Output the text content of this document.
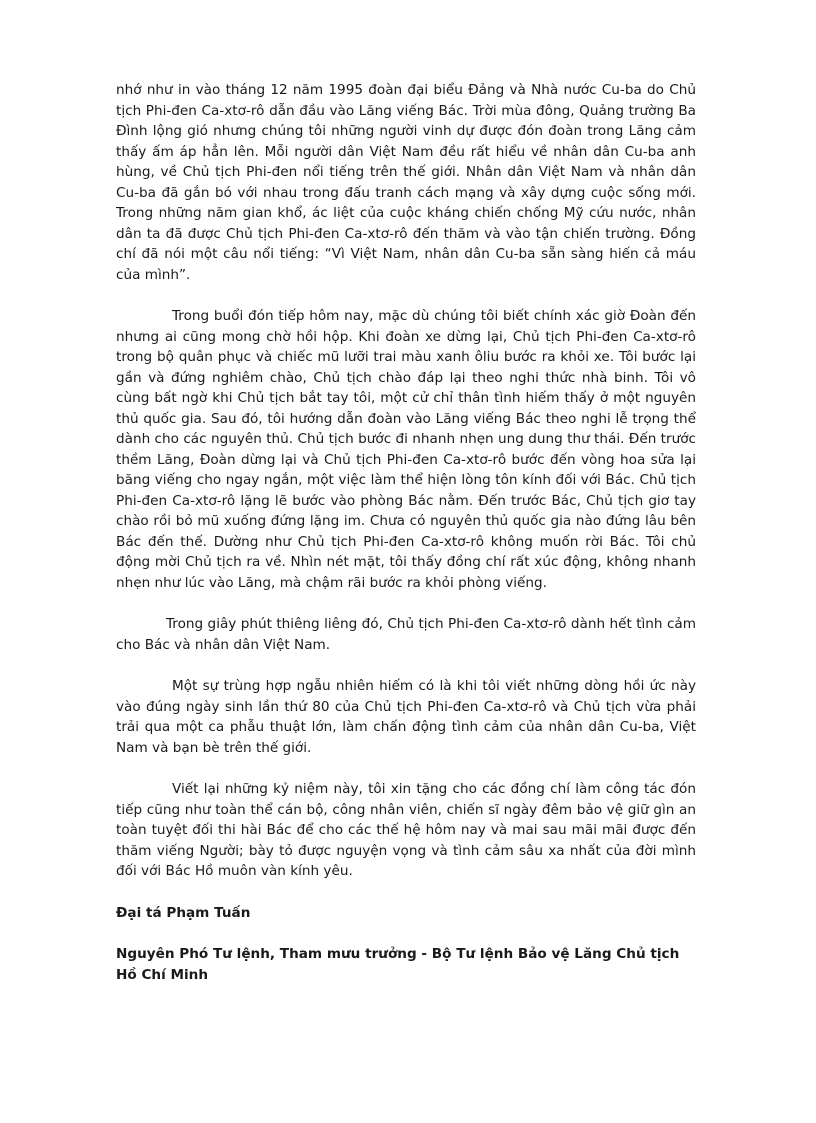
nhớ như in vào tháng 12 năm 1995 đoàn đại biểu Đảng và Nhà nước Cu-ba do Chủ tịch Phi-đen Ca-xtơ-rô dẫn đầu vào Lăng viếng Bác. Trời mùa đông, Quảng trường Ba Đình lộng gió nhưng chúng tôi những người vinh dự được đón đoàn trong Lăng cảm thấy ấm áp hẳn lên. Mỗi người dân Việt Nam đều rất hiểu về nhân dân Cu-ba anh hùng, về Chủ tịch Phi-đen nổi tiếng trên thế giới. Nhân dân Việt Nam và nhân dân Cu-ba đã gắn bó với nhau trong đấu tranh cách mạng và xây dựng cuộc sống mới. Trong những năm gian khổ, ác liệt của cuộc kháng chiến chống Mỹ cứu nước, nhân dân ta đã được Chủ tịch Phi-đen Ca-xtơ-rô đến thăm và vào tận chiến trường. Đồng chí đã nói một câu nổi tiếng: “Vì Việt Nam, nhân dân Cu-ba sẵn sàng hiến cả máu của mình”.

Trong buổi đón tiếp hôm nay, mặc dù chúng tôi biết chính xác giờ Đoàn đến nhưng ai cũng mong chờ hồi hộp. Khi đoàn xe dừng lại, Chủ tịch Phi-đen Ca-xtơ-rô trong bộ quân phục và chiếc mũ lưỡi trai màu xanh ôliu bước ra khỏi xe. Tôi bước lại gần và đứng nghiêm chào, Chủ tịch chào đáp lại theo nghi thức nhà binh. Tôi vô cùng bất ngờ khi Chủ tịch bắt tay tôi, một cử chỉ thân tình hiếm thấy ở một nguyên thủ quốc gia. Sau đó, tôi hướng dẫn đoàn vào Lăng viếng Bác theo nghi lễ trọng thể dành cho các nguyên thủ. Chủ tịch bước đi nhanh nhẹn ung dung thư thái. Đến trước thềm Lăng, Đoàn dừng lại và Chủ tịch Phi-đen Ca-xtơ-rô bước đến vòng hoa sửa lại băng viếng cho ngay ngắn, một việc làm thể hiện lòng tôn kính đối với Bác. Chủ tịch Phi-đen Ca-xtơ-rô lặng lẽ bước vào phòng Bác nằm. Đến trước Bác, Chủ tịch giơ tay chào rồi bỏ mũ xuống đứng lặng im. Chưa có nguyên thủ quốc gia nào đứng lâu bên Bác đến thế. Dường như Chủ tịch Phi-đen Ca-xtơ-rô không muốn rời Bác. Tôi chủ động mời Chủ tịch ra về. Nhìn nét mặt, tôi thấy đồng chí rất xúc động, không nhanh nhẹn như lúc vào Lăng, mà chậm rãi bước ra khỏi phòng viếng.

Trong giây phút thiêng liêng đó, Chủ tịch Phi-đen Ca-xtơ-rô dành hết tình cảm cho Bác và nhân dân Việt Nam.

Một sự trùng hợp ngẫu nhiên hiếm có là khi tôi viết những dòng hồi ức này vào đúng ngày sinh lần thứ 80 của Chủ tịch Phi-đen Ca-xtơ-rô và Chủ tịch vừa phải trải qua một ca phẫu thuật lớn, làm chấn động tình cảm của nhân dân Cu-ba, Việt Nam và bạn bè trên thế giới.

Viết lại những kỷ niệm này, tôi xin tặng cho các đồng chí làm công tác đón tiếp cũng như toàn thể cán bộ, công nhân viên, chiến sĩ ngày đêm bảo vệ giữ gìn an toàn tuyệt đối thi hài Bác để cho các thế hệ hôm nay và mai sau mãi mãi được đến thăm viếng Người; bày tỏ được nguyện vọng và tình cảm sâu xa nhất của đời mình đối với Bác Hồ muôn vàn kính yêu.

Đại tá Phạm Tuấn

Nguyên Phó Tư lệnh, Tham mưu trưởng - Bộ Tư lệnh Bảo vệ Lăng Chủ tịch Hồ Chí Minh
